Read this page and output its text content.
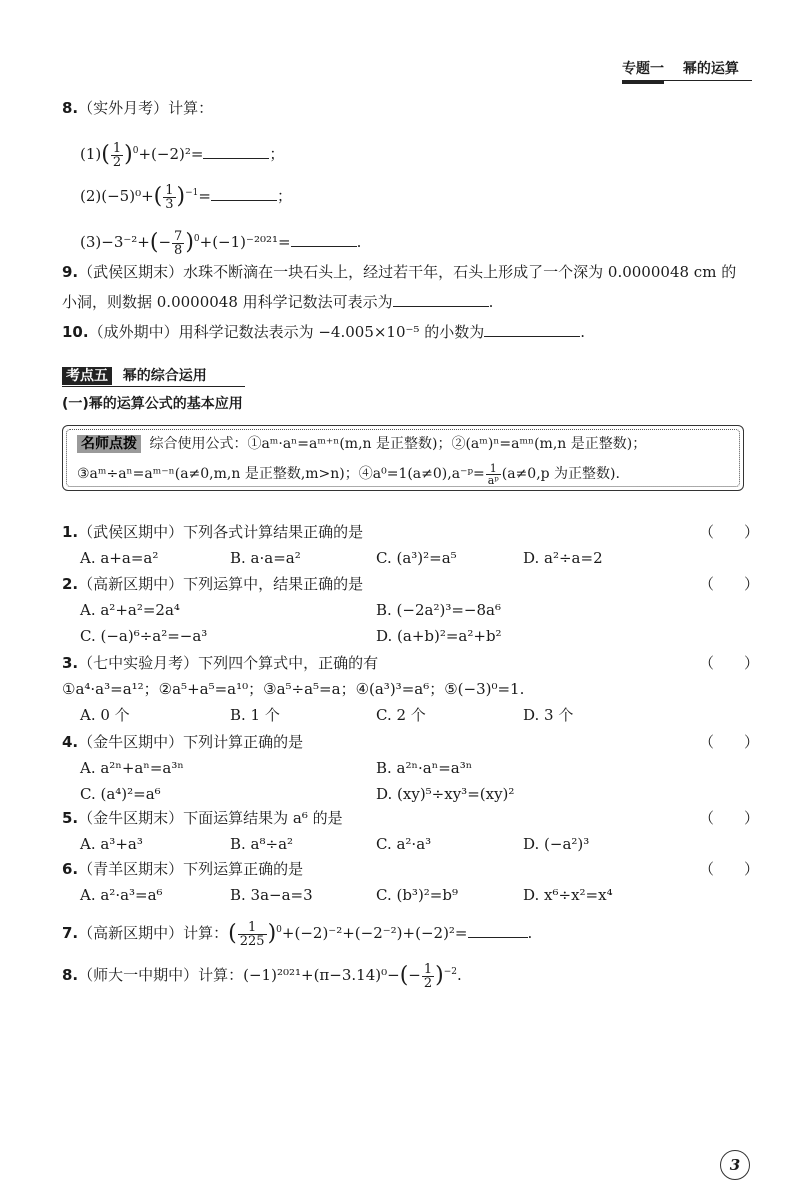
专题一 幂的运算
8.（实外月考）计算：
$(1)( \frac{1}{2} )^0+(-2)^2=$	；
$(2)(-5)^0+( \frac{1}{3} )^{-1}=$	；
$(3)-3^{-2}+(- \frac{7}{8} )^0+(-1)^{-2021}=$	.
9.（武侯区期末）水珠不断滴在一块石头上，经过若干年，石头上形成了一个深为 0.0000048 cm 的
小洞，则数据 0.0000048 用科学记数法可表示为	.
10.（成外期中）用科学记数法表示为 −4.005×10⁻⁵ 的小数为	.
考点五 幂的综合运用
(一)幂的运算公式的基本应用
名师点拨 综合使用公式：①aᵐ·aⁿ=aᵐ⁺ⁿ(m,n 是正整数)；②(aᵐ)ⁿ=aᵐⁿ(m,n 是正整数)；
③aᵐ÷aⁿ=aᵐ⁻ⁿ(a≠0,m,n 是正整数,m>n)；④a⁰=1(a≠0),a⁻ᵖ= $\frac{1}{\text{aᵖ}} (a\ne 0,p$ 为正整数).
1.（武侯区期中）下列各式计算结果正确的是	（　　）
A. a+a=a²	B. a·a=a²	C. (a³)²=a⁵	D. a²÷a=2
2.（高新区期中）下列运算中，结果正确的是	（　　）
A. a²+a²=2a⁴	B. (−2a²)³=−8a⁶
C. (−a)⁶÷a²=−a³	D. (a+b)²=a²+b²
3.（七中实验月考）下列四个算式中，正确的有	（　　）
①a⁴·a³=a¹²；②a⁵+a⁵=a¹⁰；③a⁵÷a⁵=a；④(a³)³=a⁶；⑤(−3)⁰=1.
A. 0 个	B. 1 个	C. 2 个	D. 3 个
4.（金牛区期中）下列计算正确的是	（　　）
A. a²ⁿ+aⁿ=a³ⁿ	B. a²ⁿ·aⁿ=a³ⁿ
C. (a⁴)²=a⁶	D. (xy)⁵÷xy³=(xy)²
5.（金牛区期末）下面运算结果为 a⁶ 的是	（　　）
A. a³+a³	B. a⁸÷a²	C. a²·a³	D. (−a²)³
6.（青羊区期末）下列运算正确的是	（　　）
A. a²·a³=a⁶	B. 3a−a=3	C. (b³)²=b⁹	D. x⁶÷x²=x⁴
7.（高新区期中）计算：( $\frac{1}{225} )^0+(-2)^{-2}+(-2^{-2})+(-2)^2=$	.
8.（师大一中期中）计算：$(-1)^{2021}+(\pi-3.14)^0-(- \frac{1}{2} )^{-2}$.
3
